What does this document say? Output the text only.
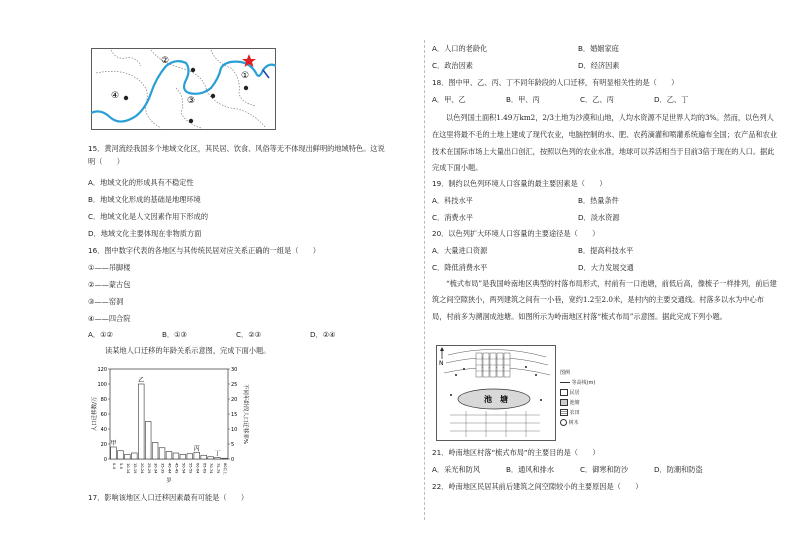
②
①
③
④
15．黄河流经我国多个地域文化区，其民居、饮食、风俗等无不体现出鲜明的地域特色。这说
明（　　）
A．地域文化的形成具有不稳定性
B．地域文化形成的基础是地理环境
C．地域文化是人文因素作用下形成的
D．地域文化主要体现在非物质方面
16．图中数字代表的各地区与其传统民居对应关系正确的一组是（　　）
①——吊脚楼
②——蒙古包
③——窑洞
④——四合院
A．①②	B．①③	C．②③	D．②④
读某地人口迁移的年龄关系示意图，完成下面小题。
0
20
40
60
80
100
120
0
5
10
15
20
25
30
人口迁移数/万	不同年龄段人口迁移率%
0-4 5-9 10-14 15-19 20-24 25-29 30-34 35-39 40-44 45-49 50-54 55-59 60-64 65-69 70-74 75-79 80以上
岁
甲
乙
丙
丁
17．影响该地区人口迁移因素最有可能是（　　）
A．人口的老龄化	B．婚姻家庭
C．政治因素	D．经济因素
18．图中甲、乙、丙、丁不同年龄段的人口迁移，有明显相关性的是（　　）
A．甲、乙	B．甲、丙	C．乙、丙	D．乙、丁
以色列国土面积1.49万km2，2/3土地为沙漠和山地，人均水资源不足世界人均的3%。然而，以色列人在这里将最不毛的土地上建成了现代农业，电脑控制的水、肥、农药滴灌和喷灌系统遍布全国；农产品和农业技术在国际市场上大量出口创汇，按照以色列的农业水准，地球可以养活相当于目前3倍于现在的人口。据此完成下面小题。
19．制约以色列环境人口容量的最主要因素是（　　）
A．科技水平	B．热量条件
C．消费水平	D．淡水资源
20．以色列扩大环境人口容量的主要途径是（　　）
A．大量进口资源	B．提高科技水平
C．降低消费水平	D．大力发展交通
“梳式布局”是我国岭南地区典型的村落布局形式，村前有一口池塘，前低后高，像梳子一样排列，前后建筑之间空隙狭小，两列建筑之间有一小巷，宽约1.2至2.0米，是村内的主要交通线。村落多以水为中心布局，村前多为溯洄成池塘。如图所示为岭南地区村落“梳式布局”示意图。据此完成下列小题。
N
池　塘
图例
等高线(m)
民居
池塘
农田
树木
21．岭南地区村落“梳式布局”的主要目的是（　　）
A．采光和防风	B．通风和排水	C．御寒和防沙	D．防潮和防盗
22．岭南地区民居其前后建筑之间空隙较小的主要原因是（　　）
